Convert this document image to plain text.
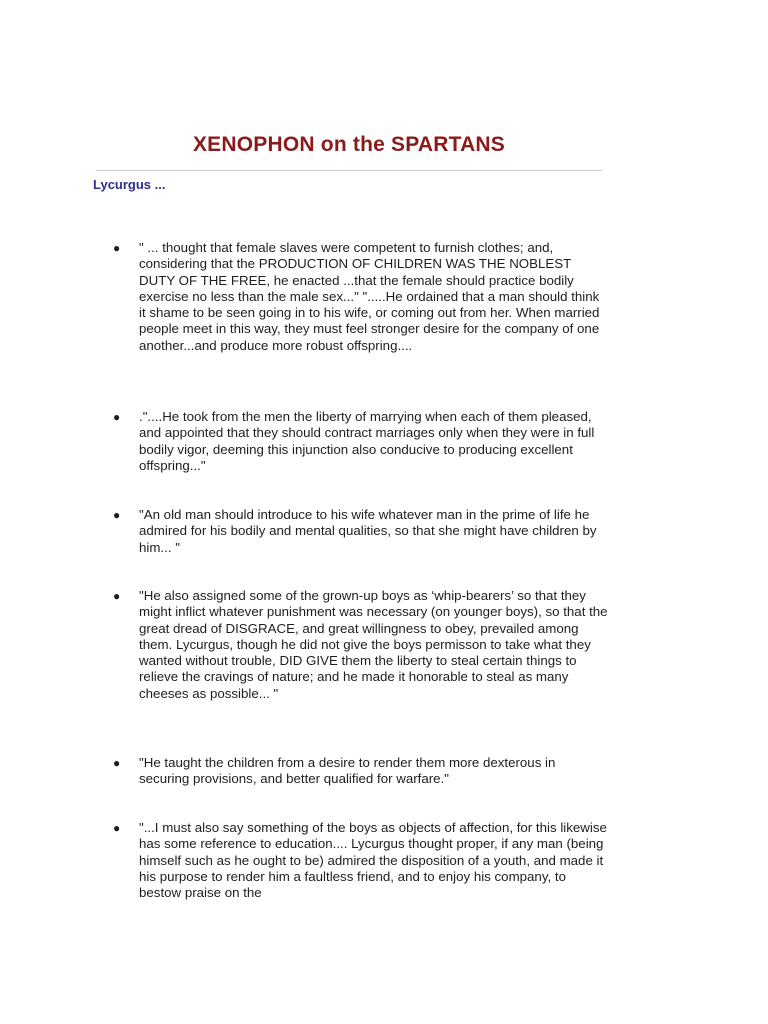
XENOPHON on the SPARTANS
Lycurgus ...
● " ... thought that female slaves were competent to furnish clothes; and, considering that the PRODUCTION OF CHILDREN WAS THE NOBLEST DUTY OF THE FREE, he enacted ...that the female should practice bodily exercise no less than the male sex..." ".....He ordained that a man should think it shame to be seen going in to his wife, or coming out from her. When married people meet in this way, they must feel stronger desire for the company of one another...and produce more robust offspring....
● ."....He took from the men the liberty of marrying when each of them pleased, and appointed that they should contract marriages only when they were in full bodily vigor, deeming this injunction also conducive to producing excellent offspring..."
● "An old man should introduce to his wife whatever man in the prime of life he admired for his bodily and mental qualities, so that she might have children by him... "
● "He also assigned some of the grown-up boys as ‘whip-bearers’ so that they might inflict whatever punishment was necessary (on younger boys), so that the great dread of DISGRACE, and great willingness to obey, prevailed among them. Lycurgus, though he did not give the boys permisson to take what they wanted without trouble, DID GIVE them the liberty to steal certain things to relieve the cravings of nature; and he made it honorable to steal as many cheeses as possible... "
● "He taught the children from a desire to render them more dexterous in securing provisions, and better qualified for warfare."
● "...I must also say something of the boys as objects of affection, for this likewise has some reference to education.... Lycurgus thought proper, if any man (being himself such as he ought to be) admired the disposition of a youth, and made it his purpose to render him a faultless friend, and to enjoy his company, to bestow praise on the
